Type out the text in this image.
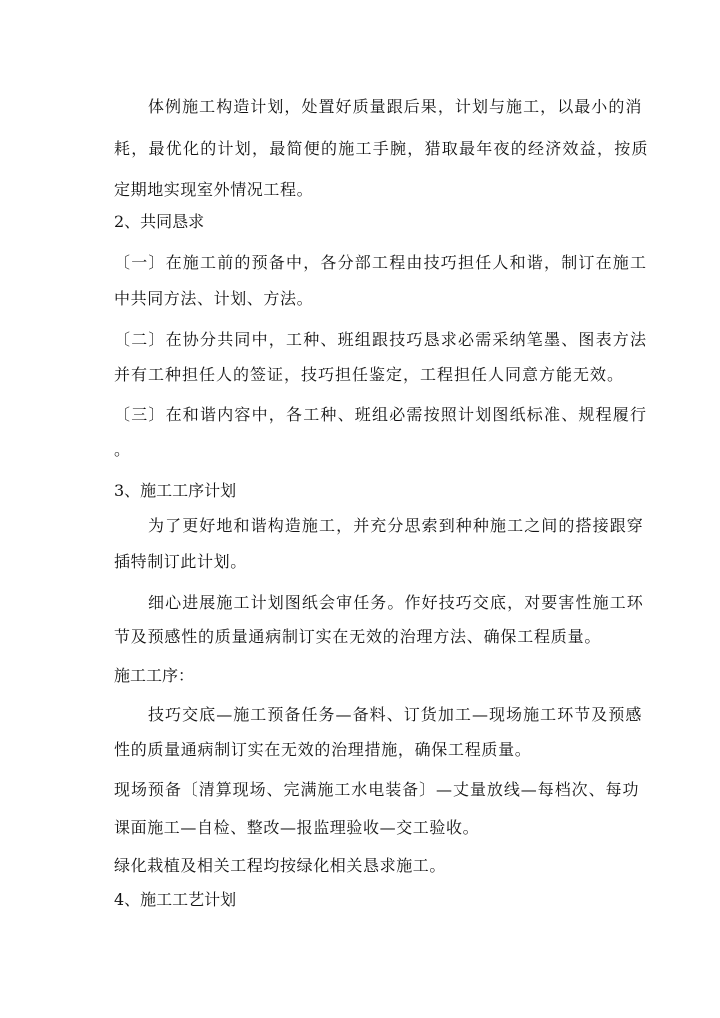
体例施工构造计划，处置好质量跟后果，计划与施工，以最小的消
耗，最优化的计划，最简便的施工手腕，猎取最年夜的经济效益，按质
定期地实现室外情况工程。
2、共同恳求
〔一〕在施工前的预备中，各分部工程由技巧担任人和谐，制订在施工
中共同方法、计划、方法。
〔二〕在协分共同中，工种、班组跟技巧恳求必需采纳笔墨、图表方法
并有工种担任人的签证，技巧担任鉴定，工程担任人同意方能无效。
〔三〕在和谐内容中，各工种、班组必需按照计划图纸标准、规程履行
。
3、施工工序计划
为了更好地和谐构造施工，并充分思索到种种施工之间的搭接跟穿
插特制订此计划。
细心进展施工计划图纸会审任务。作好技巧交底，对要害性施工环
节及预感性的质量通病制订实在无效的治理方法、确保工程质量。
施工工序：
技巧交底—施工预备任务—备料、订货加工—现场施工环节及预感
性的质量通病制订实在无效的治理措施，确保工程质量。
现场预备〔清算现场、完满施工水电装备〕—丈量放线—每档次、每功
课面施工—自检、整改—报监理验收—交工验收。
绿化栽植及相关工程均按绿化相关恳求施工。
4、施工工艺计划
